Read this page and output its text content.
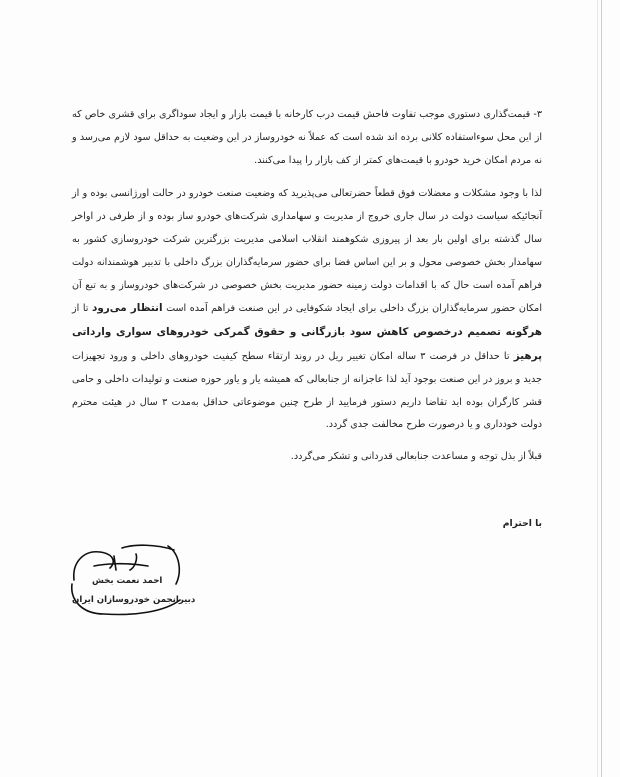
۳- قیمت‌گذاری دستوری موجب تفاوت فاحش قیمت درب کارخانه با قیمت بازار و ایجاد سوداگری برای قشری خاص که از این محل سوءاستفاده کلانی برده اند شده است که عملاً نه خودروساز در این وضعیت به حداقل سود لازم می‌رسد و نه مردم امکان خرید خودرو با قیمت‌های کمتر از کف بازار را پیدا می‌کنند.

لذا با وجود مشکلات و معضلات فوق قطعاً حضرتعالی می‌پذیرید که وضعیت صنعت خودرو در حالت اورژانسی بوده و از آنجائیکه سیاست دولت در سال جاری خروج از مدیریت و سهامداری شرکت‌های خودرو ساز بوده و از طرفی در اواخر سال گذشته برای اولین بار بعد از پیروزی شکوهمند انقلاب اسلامی مدیریت بزرگترین شرکت خودروسازی کشور به سهامدار بخش خصوصی محول و بر این اساس فضا برای حضور سرمایه‌گذاران بزرگ داخلی با تدبیر هوشمندانه دولت فراهم آمده است حال که با اقدامات دولت زمینه حضور مدیریت بخش خصوصی در شرکت‌های خودروساز و به تبع آن امکان حضور سرمایه‌گذاران بزرگ داخلی برای ایجاد شکوفایی در این صنعت فراهم آمده است انتظار می‌رود تا از هرگونه تصمیم درخصوص کاهش سود بازرگانی و حقوق گمرکی خودروهای سواری وارداتی پرهیز تا حداقل در فرصت ۳ ساله امکان تغییر ریل در روند ارتقاء سطح کیفیت خودروهای داخلی و ورود تجهیزات جدید و بروز در این صنعت بوجود آید لذا عاجزانه از جنابعالی که همیشه یار و یاور حوزه صنعت و تولیدات داخلی و حامی قشر کارگران بوده اید تقاضا داریم دستور فرمایید از طرح چنین موضوعاتی حداقل به‌مدت ۳ سال در هیئت محترم دولت خودداری و یا درصورت طرح مخالفت جدی گردد.

قبلاً از بذل توجه و مساعدت جنابعالی قدردانی و تشکر می‌گردد.

با احترام
احمد نعمت بخش
دبیرانجمن خودروسازان ایران
